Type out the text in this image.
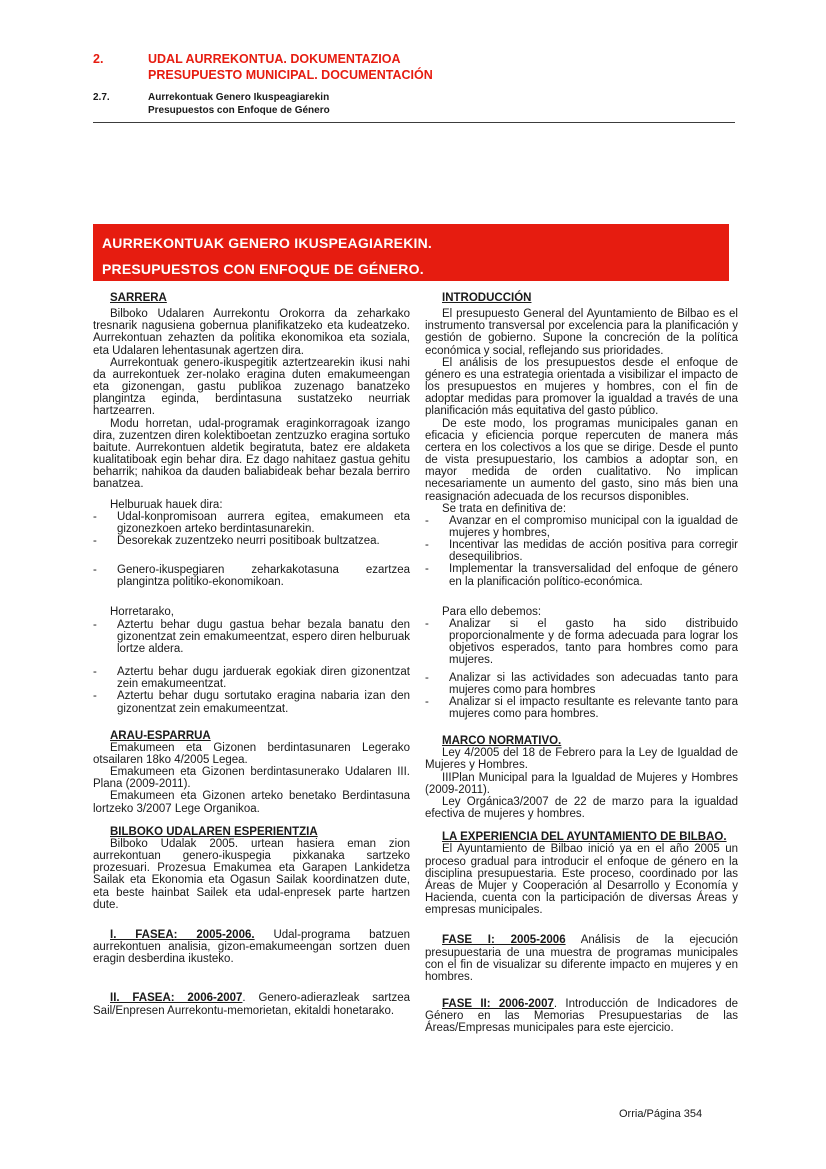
2.	UDAL AURREKONTUA. DOKUMENTAZIOA
PRESUPUESTO MUNICIPAL. DOCUMENTACIÓN
2.7.	Aurrekontuak Genero Ikuspeagiarekin
Presupuestos con Enfoque de Género
AURREKONTUAK GENERO IKUSPEAGIAREKIN.
PRESUPUESTOS CON ENFOQUE DE GÉNERO.

SARRERA

Bilboko Udalaren Aurrekontu Orokorra da zeharkako tresnarik nagusiena gobernua planifikatzeko eta kudeatzeko. Aurrekontuan zehazten da politika ekonomikoa eta soziala, eta Udalaren lehentasunak agertzen dira.

Aurrekontuak genero-ikuspegitik aztertzearekin ikusi nahi da aurrekontuek zer-nolako eragina duten emakumeengan eta gizonengan, gastu publikoa zuzenago banatzeko plangintza eginda, berdintasuna sustatzeko neurriak hartzearren.

Modu horretan, udal-programak eraginkorragoak izango dira, zuzentzen diren kolektiboetan zentzuzko eragina sortuko baitute. Aurrekontuen aldetik begiratuta, batez ere aldaketa kualitatiboak egin behar dira. Ez dago nahitaez gastua gehitu beharrik; nahikoa da dauden baliabideak behar bezala berriro banatzea.

Helburuak hauek dira:

-	Udal-konpromisoan aurrera egitea, emakumeen eta gizonezkoen arteko berdintasunarekin.
-	Desorekak zuzentzeko neurri positiboak bultzatzea.
-	Genero-ikuspegiaren zeharkakotasuna ezartzea plangintza politiko-ekonomikoan.

Horretarako,

-	Aztertu behar dugu gastua behar bezala banatu den gizonentzat zein emakumeentzat, espero diren helburuak lortze aldera.
-	Aztertu behar dugu jarduerak egokiak diren gizonentzat zein emakumeentzat.
-	Aztertu behar dugu sortutako eragina nabaria izan den gizonentzat zein emakumeentzat.

ARAU-ESPARRUA

Emakumeen eta Gizonen berdintasunaren Legerako otsailaren 18ko 4/2005 Legea.

Emakumeen eta Gizonen berdintasunerako Udalaren III. Plana (2009-2011).

Emakumeen eta Gizonen arteko benetako Berdintasuna lortzeko 3/2007 Lege Organikoa.

BILBOKO UDALAREN ESPERIENTZIA

Bilboko Udalak 2005. urtean hasiera eman zion aurrekontuan genero-ikuspegia pixkanaka sartzeko prozesuari. Prozesua Emakumea eta Garapen Lankidetza Sailak eta Ekonomia eta Ogasun Sailak koordinatzen dute, eta beste hainbat Sailek eta udal-enpresek parte hartzen dute.

I. FASEA: 2005-2006. Udal-programa batzuen aurrekontuen analisia, gizon-emakumeengan sortzen duen eragin desberdina ikusteko.

II. FASEA: 2006-2007. Genero-adierazleak sartzea Sail/Enpresen Aurrekontu-memorietan, ekitaldi honetarako.

INTRODUCCIÓN

El presupuesto General del Ayuntamiento de Bilbao es el instrumento transversal por excelencia para la planificación y gestión de gobierno. Supone la concreción de la política económica y social, reflejando sus prioridades.

El análisis de los presupuestos desde el enfoque de género es una estrategia orientada a visibilizar el impacto de los presupuestos en mujeres y hombres, con el fin de adoptar medidas para promover la igualdad a través de una planificación más equitativa del gasto público.

De este modo, los programas municipales ganan en eficacia y eficiencia porque repercuten de manera más certera en los colectivos a los que se dirige. Desde el punto de vista presupuestario, los cambios a adoptar son, en mayor medida de orden cualitativo. No implican necesariamente un aumento del gasto, sino más bien una reasignación adecuada de los recursos disponibles.

Se trata en definitiva de:

-	Avanzar en el compromiso municipal con la igualdad de mujeres y hombres,
-	Incentivar las medidas de acción positiva para corregir desequilibrios.
-	Implementar la transversalidad del enfoque de género en la planificación político-económica.

Para ello debemos:

-	Analizar si el gasto ha sido distribuido proporcionalmente y de forma adecuada para lograr los objetivos esperados, tanto para hombres como para mujeres.
-	Analizar si las actividades son adecuadas tanto para mujeres como para hombres
-	Analizar si el impacto resultante es relevante tanto para mujeres como para hombres.

MARCO NORMATIVO.

Ley 4/2005 del 18 de Febrero para la Ley de Igualdad de Mujeres y Hombres.

IIIPlan Municipal para la Igualdad de Mujeres y Hombres (2009-2011).

Ley Orgánica3/2007 de 22 de marzo para la igualdad efectiva de mujeres y hombres.

LA EXPERIENCIA DEL AYUNTAMIENTO DE BILBAO.

El Ayuntamiento de Bilbao inició ya en el año 2005 un proceso gradual para introducir el enfoque de género en la disciplina presupuestaria. Este proceso, coordinado por las Áreas de Mujer y Cooperación al Desarrollo y Economía y Hacienda, cuenta con la participación de diversas Áreas y empresas municipales.

FASE I: 2005-2006 Análisis de la ejecución presupuestaria de una muestra de programas municipales con el fin de visualizar su diferente impacto en mujeres y en hombres.

FASE II: 2006-2007. Introducción de Indicadores de Género en las Memorias Presupuestarias de las Áreas/Empresas municipales para este ejercicio.

Orria/Página 354
